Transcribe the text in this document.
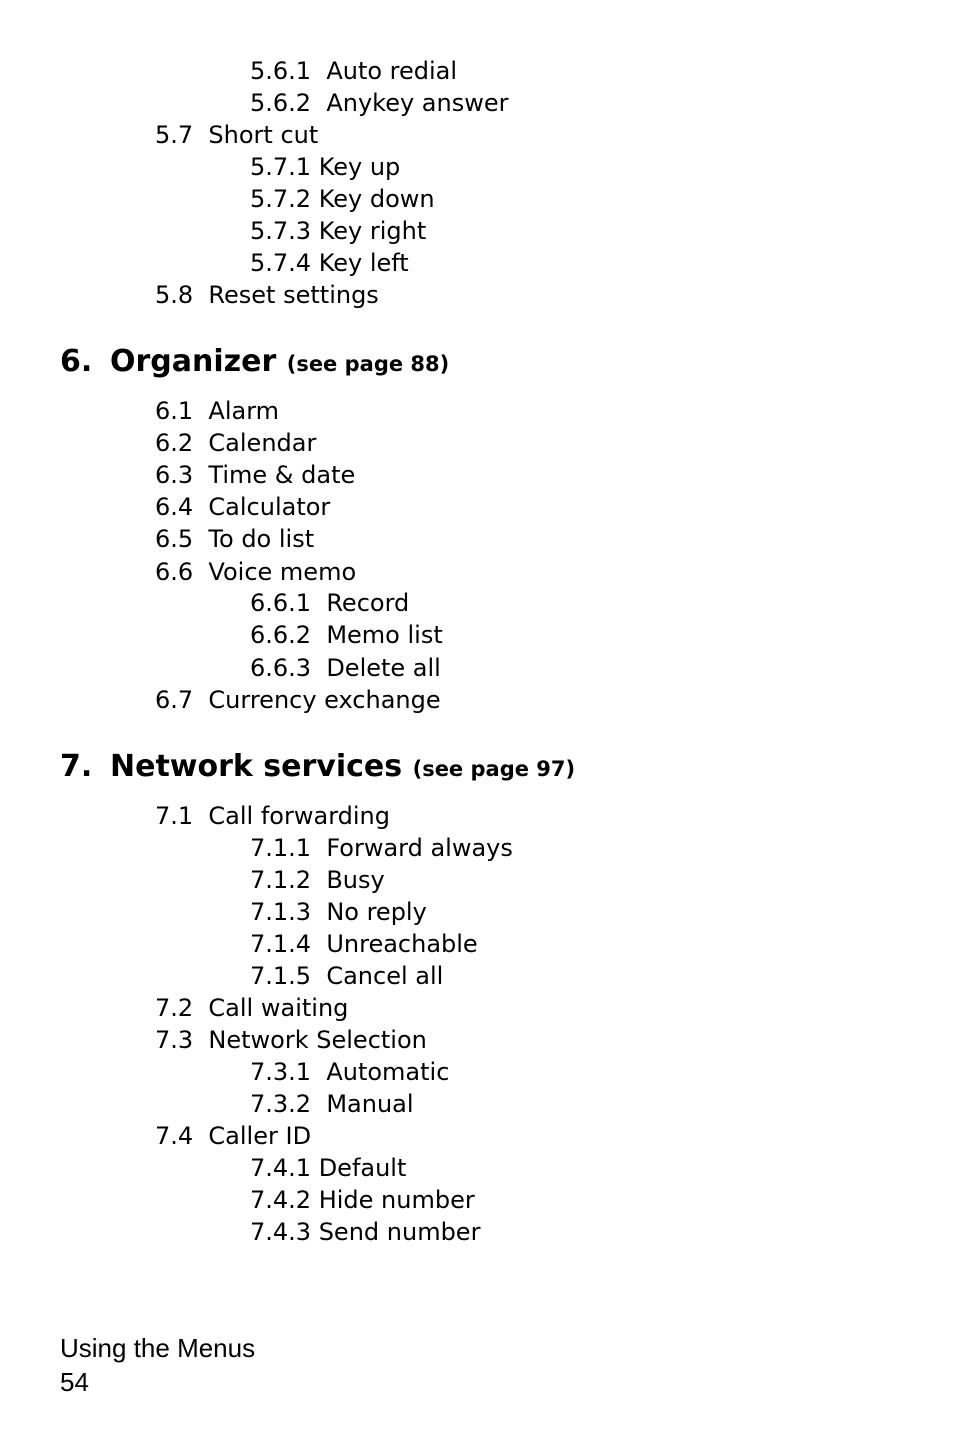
5.6.1  Auto redial
5.6.2  Anykey answer
5.7  Short cut
5.7.1 Key up
5.7.2 Key down
5.7.3 Key right
5.7.4 Key left
5.8  Reset settings
6. Organizer (see page 88)
6.1  Alarm
6.2  Calendar
6.3  Time & date
6.4  Calculator
6.5  To do list
6.6  Voice memo
6.6.1  Record
6.6.2  Memo list
6.6.3  Delete all
6.7  Currency exchange
7. Network services (see page 97)
7.1  Call forwarding
7.1.1  Forward always
7.1.2  Busy
7.1.3  No reply
7.1.4  Unreachable
7.1.5  Cancel all
7.2  Call waiting
7.3  Network Selection
7.3.1  Automatic
7.3.2  Manual
7.4  Caller ID
7.4.1 Default
7.4.2 Hide number
7.4.3 Send number
Using the Menus
54
